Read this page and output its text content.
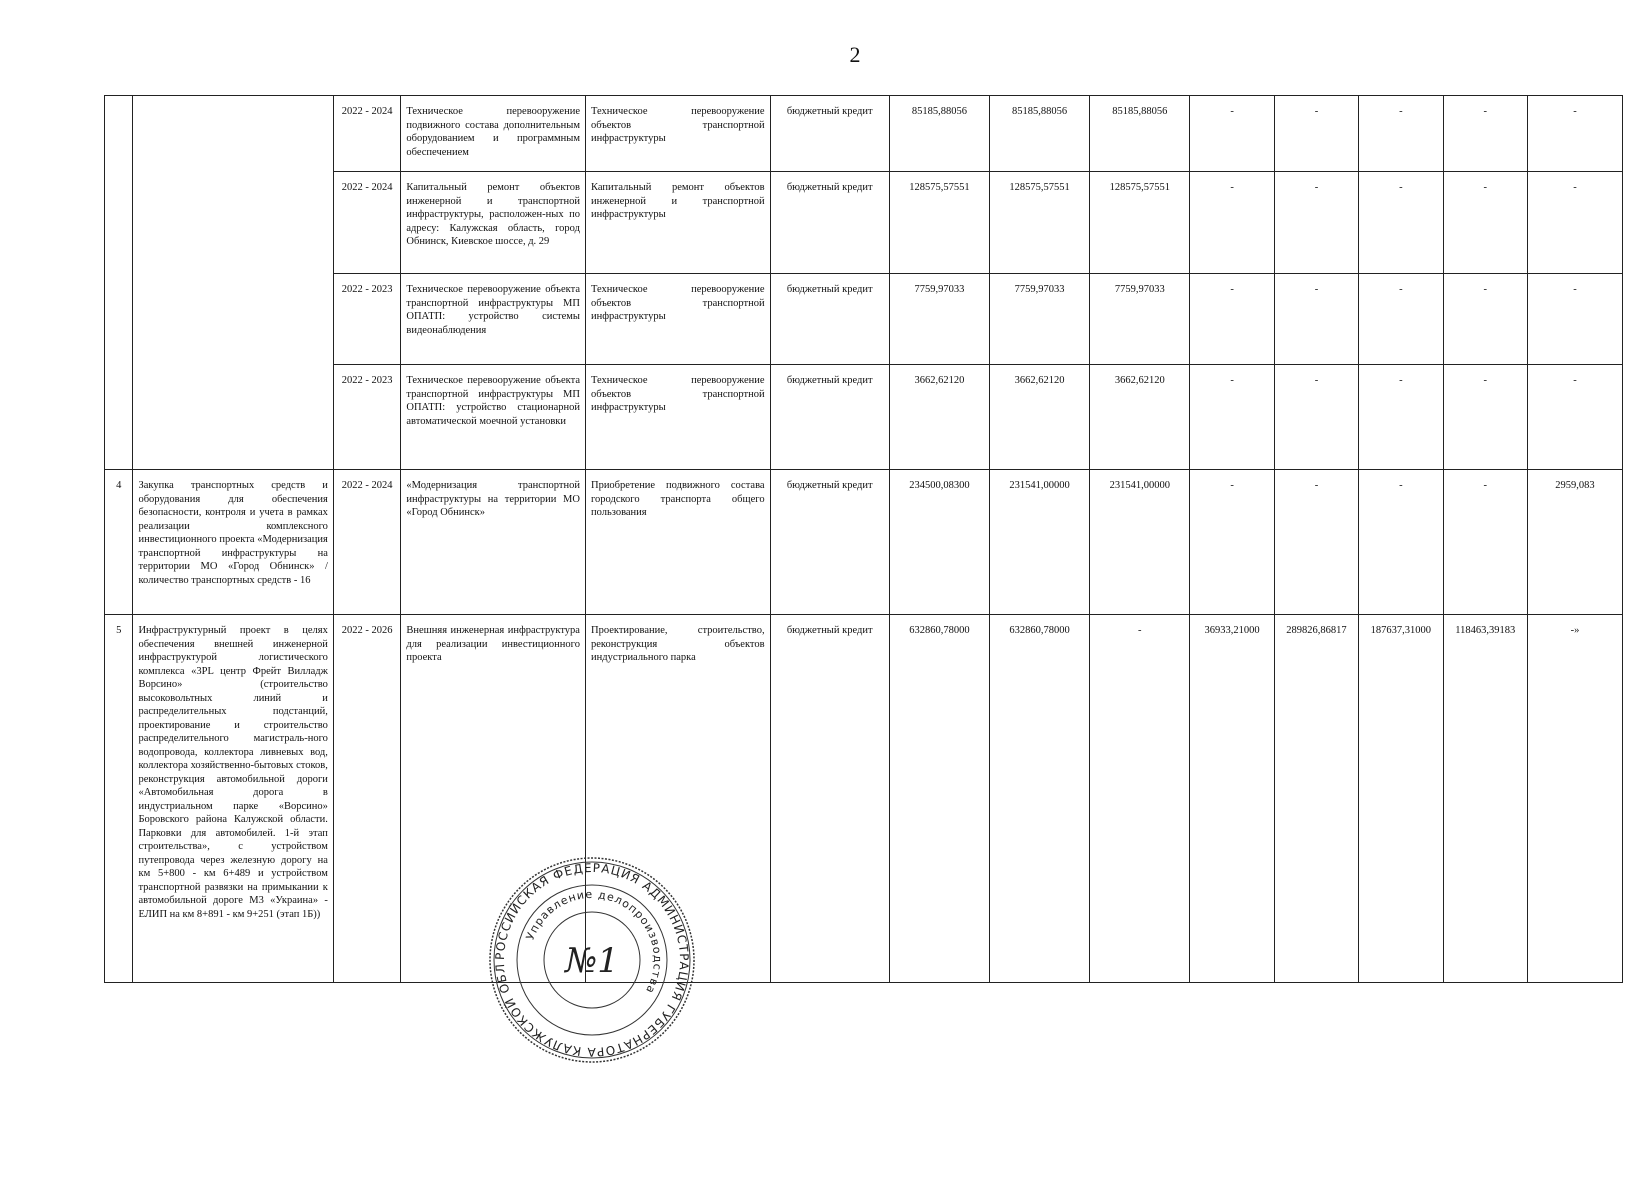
2
		2022 - 2024	Техническое перевооружение подвижного состава дополнительным оборудованием и программным обеспечением	Техническое перевооружение объектов транспортной инфраструктуры	бюджетный кредит	85185,88056	85185,88056	85185,88056	-	-	-	-	-
		2022 - 2024	Капитальный ремонт объектов инженерной и транспортной инфраструктуры, расположен-ных по адресу: Калужская область, город Обнинск, Киевское шоссе, д. 29	Капитальный ремонт объектов инженерной и транспортной инфраструктуры	бюджетный кредит	128575,57551	128575,57551	128575,57551	-	-	-	-	-
		2022 - 2023	Техническое перевооружение объекта транспортной инфраструктуры МП ОПАТП: устройство системы видеонаблюдения	Техническое перевооружение объектов транспортной инфраструктуры	бюджетный кредит	7759,97033	7759,97033	7759,97033	-	-	-	-	-
		2022 - 2023	Техническое перевооружение объекта транспортной инфраструктуры МП ОПАТП: устройство стационарной автоматической моечной установки	Техническое перевооружение объектов транспортной инфраструктуры	бюджетный кредит	3662,62120	3662,62120	3662,62120	-	-	-	-	-
4	Закупка транспортных средств и оборудования для обеспечения безопасности, контроля и учета в рамках реализации комплексного инвестиционного проекта «Модернизация транспортной инфраструктуры на территории МО «Город Обнинск» / количество транспортных средств - 16	2022 - 2024	«Модернизация транспортной инфраструктуры на территории МО «Город Обнинск»	Приобретение подвижного состава городского транспорта общего пользования	бюджетный кредит	234500,08300	231541,00000	231541,00000	-	-	-	-	2959,083
5	Инфраструктурный проект в целях обеспечения внешней инженерной инфраструктурой логистического комплекса «3PL центр Фрейт Вилладж Ворсино» (строительство высоковольтных линий и распределительных подстанций, проектирование и строительство распределительного магистраль-ного водопровода, коллектора ливневых вод, коллектора хозяйственно-бытовых стоков, реконструкция автомобильной дороги «Автомобильная дорога в индустриальном парке «Ворсино» Боровского района Калужской области. Парковки для автомобилей. 1-й этап строительства», с устройством путепровода через железную дорогу на км 5+800 - км 6+489 и устройством транспортной развязки на примыкании к автомобильной дороге М3 «Украина» - ЕЛИП на км 8+891 - км 9+251 (этап 1Б))	2022 - 2026	Внешняя инженерная инфраструктура для реализации инвестиционного проекта	Проектирование, строительство, реконструкция объектов индустриального парка	бюджетный кредит	632860,78000	632860,78000	-	36933,21000	289826,86817	187637,31000	118463,39183	-»
РОССИЙСКАЯ ФЕДЕРАЦИЯ АДМИНИСТРАЦИЯ ГУБЕРНАТОРА КАЛУЖСКОЙ ОБЛ
Управление делопроизводства
№1
